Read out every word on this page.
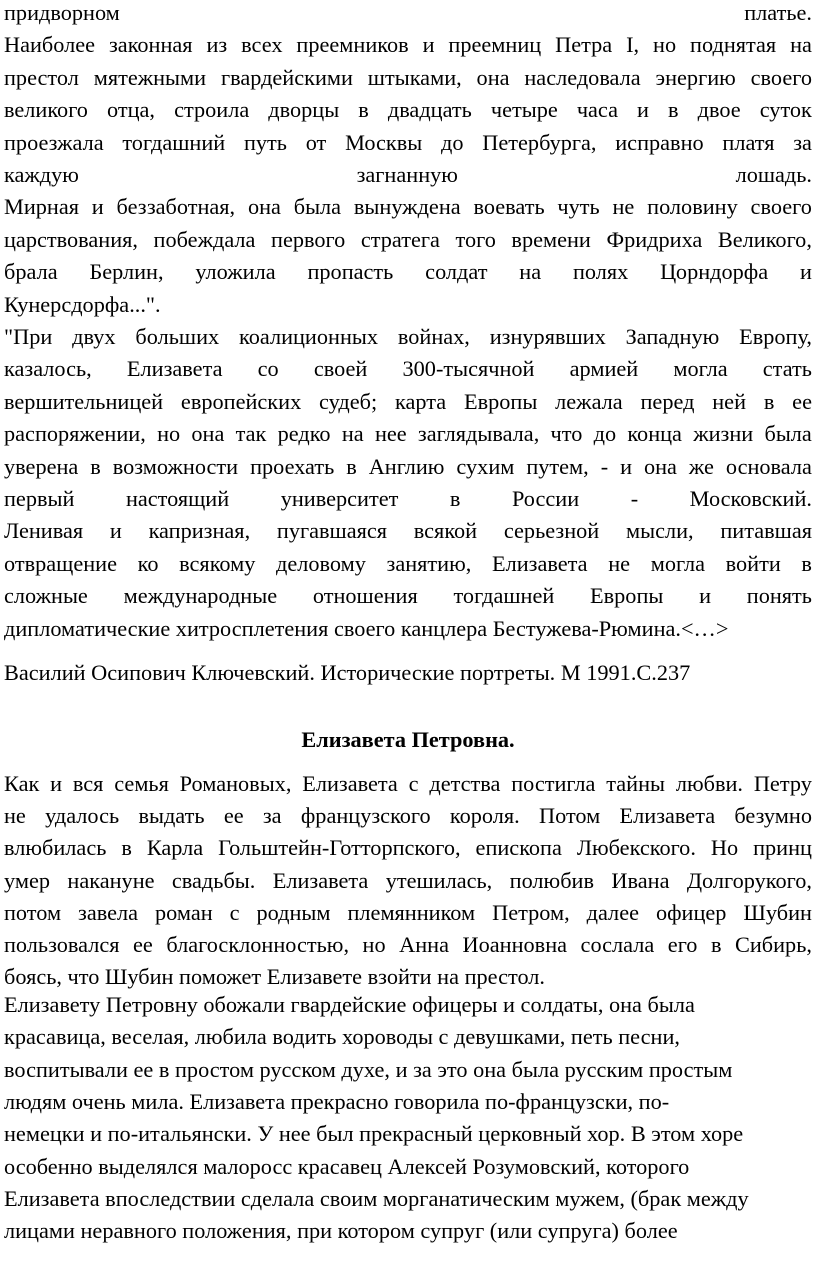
придворном	платье.
Наиболее законная из всех преемников и преемниц Петра I, но поднятая на
престол мятежными гвардейскими штыками, она наследовала энергию своего
великого отца, строила дворцы в двадцать четыре часа и в двое суток
проезжала тогдашний путь от Москвы до Петербурга, исправно платя за
каждую	загнанную	лошадь.
Мирная и беззаботная, она была вынуждена воевать чуть не половину своего
царствования, побеждала первого стратега того времени Фридриха Великого,
брала Берлин, уложила пропасть солдат на полях Цорндорфа и
Кунерсдорфа...".
"При двух больших коалиционных войнах, изнурявших Западную Европу,
казалось, Елизавета со своей 300-тысячной армией могла стать
вершительницей европейских судеб; карта Европы лежала перед ней в ее
распоряжении, но она так редко на нее заглядывала, что до конца жизни была
уверена в возможности проехать в Англию сухим путем, - и она же основала
первый настоящий университет в России - Московский.
Ленивая и капризная, пугавшаяся всякой серьезной мысли, питавшая
отвращение ко всякому деловому занятию, Елизавета не могла войти в
сложные международные отношения тогдашней Европы и понять
дипломатические хитросплетения своего канцлера Бестужева-Рюмина.<…>
Василий Осипович Ключевский. Исторические портреты. М 1991.С.237
Елизавета Петровна.
Как и вся семья Романовых, Елизавета с детства постигла тайны любви. Петру
не удалось выдать ее за французского короля. Потом Елизавета безумно
влюбилась в Карла Гольштейн-Готторпского, епископа Любекского. Но принц
умер накануне свадьбы. Елизавета утешилась, полюбив Ивана Долгорукого,
потом завела роман с родным племянником Петром, далее офицер Шубин
пользовался ее благосклонностью, но Анна Иоанновна сослала его в Сибирь,
боясь, что Шубин поможет Елизавете взойти на престол.
Елизавету Петровну обожали гвардейские офицеры и солдаты, она была
красавица, веселая, любила водить хороводы с девушками, петь песни,
воспитывали ее в простом русском духе, и за это она была русским простым
людям очень мила. Елизавета прекрасно говорила по-французски, по-
немецки и по-итальянски. У нее был прекрасный церковный хор. В этом хоре
особенно выделялся малоросс красавец Алексей Розумовский, которого
Елизавета впоследствии сделала своим морганатическим мужем, (брак между
лицами неравного положения, при котором супруг (или супруга) более
